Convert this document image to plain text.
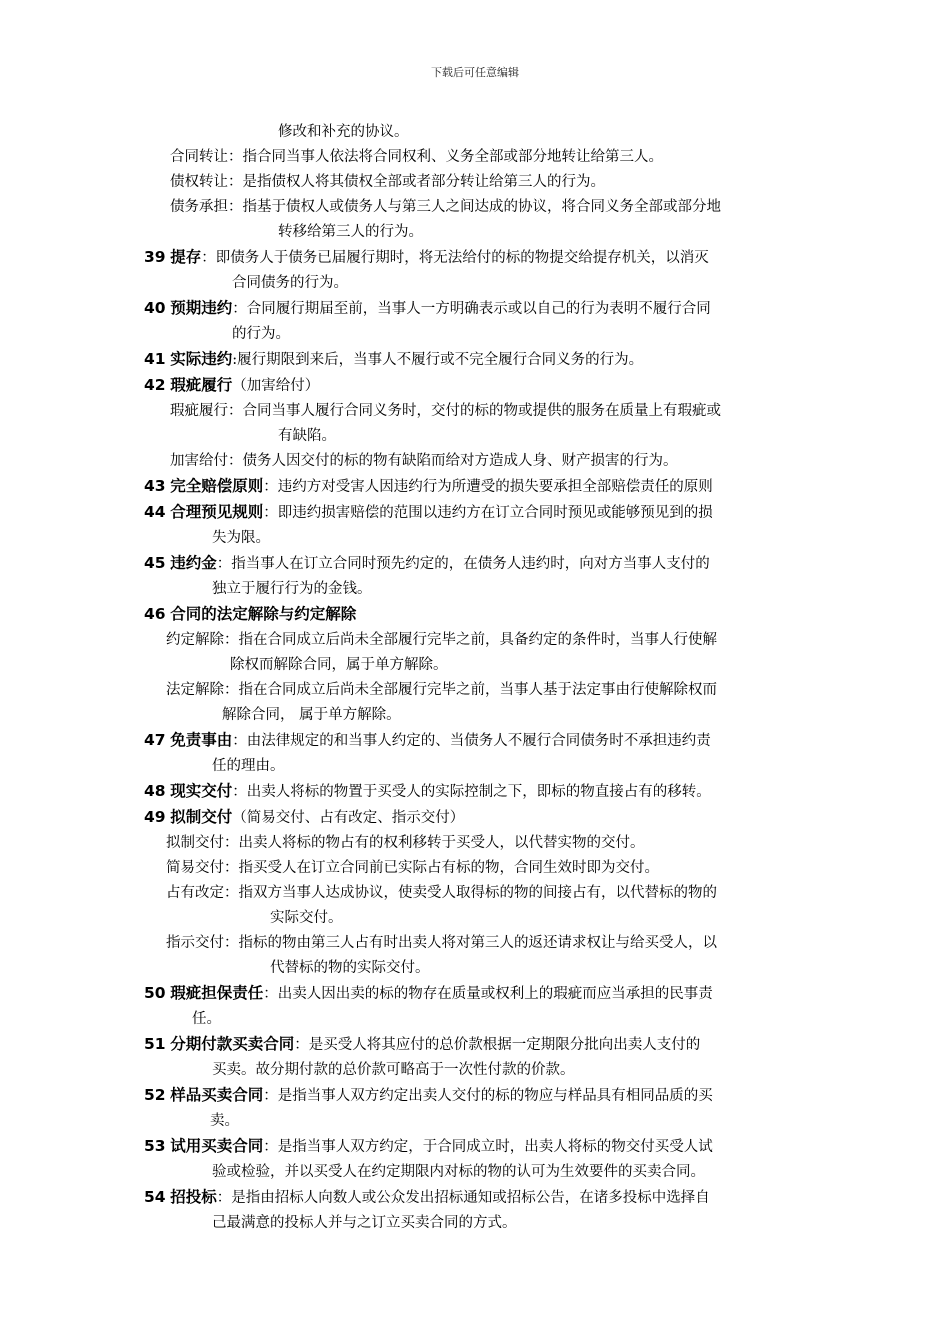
下载后可任意编辑
修改和补充的协议。
合同转让：指合同当事人依法将合同权利、义务全部或部分地转让给第三人。
债权转让：是指债权人将其债权全部或者部分转让给第三人的行为。
债务承担：指基于债权人或债务人与第三人之间达成的协议，将合同义务全部或部分地
转移给第三人的行为。
39 提存：即债务人于债务已届履行期时，将无法给付的标的物提交给提存机关，以消灭
合同债务的行为。
40 预期违约：合同履行期届至前，当事人一方明确表示或以自己的行为表明不履行合同
的行为。
41 实际违约:履行期限到来后，当事人不履行或不完全履行合同义务的行为。
42 瑕疵履行（加害给付）
瑕疵履行：合同当事人履行合同义务时，交付的标的物或提供的服务在质量上有瑕疵或
有缺陷。
加害给付：债务人因交付的标的物有缺陷而给对方造成人身、财产损害的行为。
43 完全赔偿原则：违约方对受害人因违约行为所遭受的损失要承担全部赔偿责任的原则
44 合理预见规则：即违约损害赔偿的范围以违约方在订立合同时预见或能够预见到的损
失为限。
45 违约金：指当事人在订立合同时预先约定的，在债务人违约时，向对方当事人支付的
独立于履行行为的金钱。
46 合同的法定解除与约定解除
约定解除：指在合同成立后尚未全部履行完毕之前，具备约定的条件时，当事人行使解
除权而解除合同，属于单方解除。
法定解除：指在合同成立后尚未全部履行完毕之前，当事人基于法定事由行使解除权而
解除合同， 属于单方解除。
47 免责事由：由法律规定的和当事人约定的、当债务人不履行合同债务时不承担违约责
任的理由。
48 现实交付：出卖人将标的物置于买受人的实际控制之下，即标的物直接占有的移转。
49 拟制交付（简易交付、占有改定、指示交付）
拟制交付：出卖人将标的物占有的权利移转于买受人，以代替实物的交付。
简易交付：指买受人在订立合同前已实际占有标的物，合同生效时即为交付。
占有改定：指双方当事人达成协议，使卖受人取得标的物的间接占有，以代替标的物的
实际交付。
指示交付：指标的物由第三人占有时出卖人将对第三人的返还请求权让与给买受人，以
代替标的物的实际交付。
50 瑕疵担保责任：出卖人因出卖的标的物存在质量或权利上的瑕疵而应当承担的民事责
任。
51 分期付款买卖合同：是买受人将其应付的总价款根据一定期限分批向出卖人支付的
买卖。故分期付款的总价款可略高于一次性付款的价款。
52 样品买卖合同：是指当事人双方约定出卖人交付的标的物应与样品具有相同品质的买
卖。
53 试用买卖合同：是指当事人双方约定，于合同成立时，出卖人将标的物交付买受人试
验或检验，并以买受人在约定期限内对标的物的认可为生效要件的买卖合同。
54 招投标：是指由招标人向数人或公众发出招标通知或招标公告，在诸多投标中选择自
己最满意的投标人并与之订立买卖合同的方式。
